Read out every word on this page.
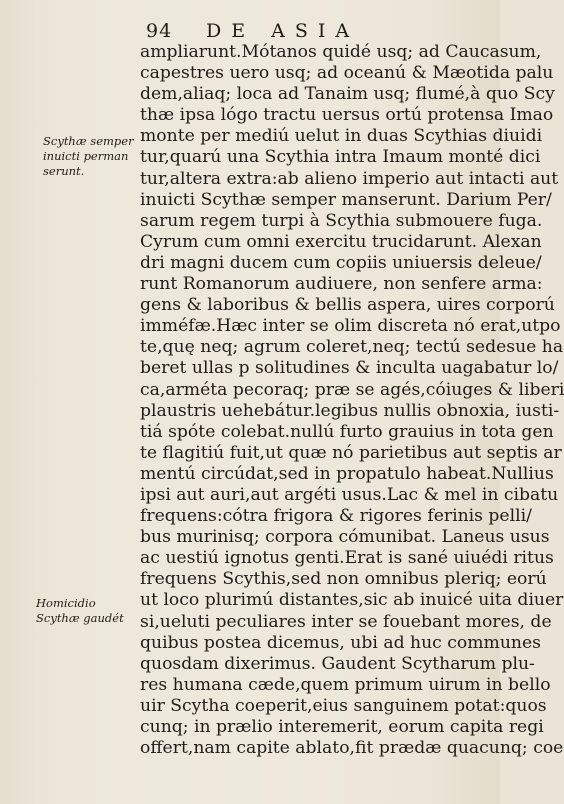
94 DE ASIA
ampliarunt.Mótanos quidé usq; ad Caucasum,
capestres uero usq; ad oceanú & Mæotida palu
dem,aliaq; loca ad Tanaim usq; flumé,à quo Scy
thæ ipsa lógo tractu uersus ortú protensa Imao
monte per mediú uelut in duas Scythias diuidi
tur,quarú una Scythia intra Imaum monté dici
tur,altera extra:ab alieno imperio aut intacti aut
inuicti Scythæ semper manserunt. Darium Per/
sarum regem turpi à Scythia submouere fuga.
Cyrum cum omni exercitu trucidarunt. Alexan
dri magni ducem cum copiis uniuersis deleue/
runt Romanorum audiuere, non senfere arma:
gens & laboribus & bellis aspera, uires corporú
imméfæ.Hæc inter se olim discreta nó erat,utpo
te,quę neq; agrum coleret,neq; tectú sedesue ha
beret ullas p solitudines & inculta uagabatur lo/
ca,arméta pecoraq; præ se agés,cóiuges & liberi
plaustris uehebátur.legibus nullis obnoxia, iusti-
tiá spóte colebat.nullú furto grauius in tota gen
te flagitiú fuit,ut quæ nó parietibus aut septis ar
mentú circúdat,sed in propatulo habeat.Nullius
ipsi aut auri,aut argéti usus.Lac & mel in cibatu
frequens:cótra frigora & rigores ferinis pelli/
bus murinisq; corpora cómunibat. Laneus usus
ac uestiú ignotus genti.Erat is sané uiuédi ritus
frequens Scythis,sed non omnibus pleriq; eorú
ut loco plurimú distantes,sic ab inuicé uita diuer
si,ueluti peculiares inter se fouebant mores, de
quibus postea dicemus, ubi ad huc communes
quosdam dixerimus. Gaudent Scytharum plu-
res humana cæde,quem primum uirum in bello
uir Scytha coeperit,eius sanguinem potat:quos
cunq; in prælio interemerit, eorum capita regi
offert,nam capite ablato,fit prædæ quacunq; coe
Scythæ semper
inuicti perman
serunt.
Homicidio
Scythæ gaudét
